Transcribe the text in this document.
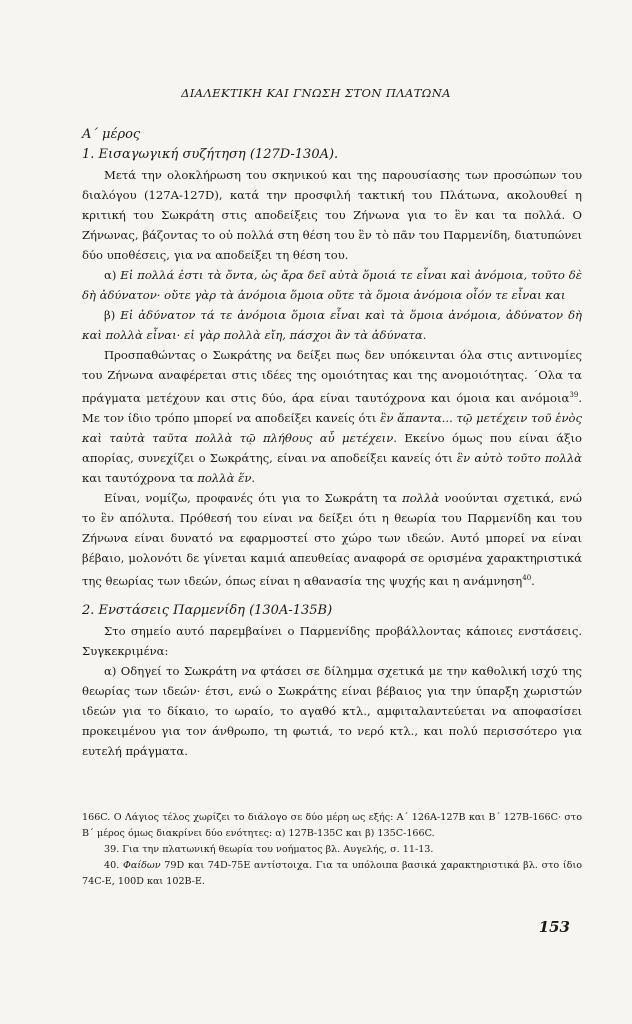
ΔΙΑΛΕΚΤΙΚΗ ΚΑΙ ΓΝΩΣΗ ΣΤΟΝ ΠΛΑΤΩΝΑ

Α΄ μέρος

1. Εισαγωγική συζήτηση (127D-130A).

Μετά την ολοκλήρωση του σκηνικού και της παρουσίασης των προσώπων του διαλόγου (127Α-127D), κατά την προσφιλή τακτική του Πλάτωνα, ακολουθεί η κριτική του Σωκράτη στις αποδείξεις του Ζήνωνα για το ἓν και τα πολλά. Ο Ζήνωνας, βάζοντας το οὐ πολλά στη θέση του ἓν τὸ πᾶν του Παρμενίδη, διατυπώνει δύο υποθέσεις, για να αποδείξει τη θέση του.

α) Εἰ πολλά ἐστι τὰ ὄντα, ὡς ἄρα δεῖ αὐτὰ ὅμοιά τε εἶναι καὶ ἀνόμοια, τοῦτο δὲ δὴ ἀδύνατον· οὔτε γὰρ τὰ ἀνόμοια ὅμοια οὔτε τὰ ὅμοια ἀνόμοια οἷόν τε εἶναι και

β) Εἰ ἀδύνατον τά τε ἀνόμοια ὅμοια εἶναι καὶ τὰ ὅμοια ἀνόμοια, ἀδύνατον δὴ καὶ πολλὰ εἶναι· εἰ γὰρ πολλὰ εἴη, πάσχοι ἂν τὰ ἀδύνατα.

Προσπαθώντας ο Σωκράτης να δείξει πως δεν υπόκεινται όλα στις αντινομίες του Ζήνωνα αναφέρεται στις ιδέες της ομοιότητας και της ανομοιότητας. ΄Ολα τα πράγματα μετέχουν και στις δύο, άρα είναι ταυτόχρονα και όμοια και ανόμοια$^{39}$. Με τον ίδιο τρόπο μπορεί να αποδείξει κανείς ότι ἓν ἅπαντα... τῷ μετέχειν τοῦ ἑνὸς καὶ ταὐτὰ ταῦτα πολλὰ τῷ πλήθους αὖ μετέχειν. Εκείνο όμως που είναι άξιο απορίας, συνεχίζει ο Σωκράτης, είναι να αποδείξει κανείς ότι ἓν αὐτὸ τοῦτο πολλὰ και ταυτόχρονα τα πολλὰ ἕν.

Είναι, νομίζω, προφανές ότι για το Σωκράτη τα πολλὰ νοούνται σχετικά, ενώ το ἓν απόλυτα. Πρόθεσή του είναι να δείξει ότι η θεωρία του Παρμενίδη και του Ζήνωνα είναι δυνατό να εφαρμοστεί στο χώρο των ιδεών. Αυτό μπορεί να είναι βέβαιο, μολονότι δε γίνεται καμιά απευθείας αναφορά σε ορισμένα χαρακτηριστικά της θεωρίας των ιδεών, όπως είναι η αθανασία της ψυχής και η ανάμνηση$^{40}$.

2. Ενστάσεις Παρμενίδη (130Α-135Β)

Στο σημείο αυτό παρεμβαίνει ο Παρμενίδης προβάλλοντας κάποιες ενστάσεις. Συγκεκριμένα:

α) Οδηγεί το Σωκράτη να φτάσει σε δίλημμα σχετικά με την καθολική ισχύ της θεωρίας των ιδεών· έτσι, ενώ ο Σωκράτης είναι βέβαιος για την ύπαρξη χωριστών ιδεών για το δίκαιο, το ωραίο, το αγαθό κτλ., αμφιταλαντεύεται να αποφασίσει προκειμένου για τον άνθρωπο, τη φωτιά, το νερό κτλ., και πολύ περισσότερο για ευτελή πράγματα.

166C. Ο Λάγιος τέλος χωρίζει το διάλογο σε δύο μέρη ως εξής: Α΄ 126Α-127Β και Β΄ 127Β-166C· στο Β΄ μέρος όμως διακρίνει δύο ενότητες: α) 127Β-135C και β) 135C-166C.

39. Για την πλατωνική θεωρία του νοήματος βλ. Αυγελής, σ. 11-13.

40. Φαίδων 79D και 74D-75Ε αντίστοιχα. Για τα υπόλοιπα βασικά χαρακτηριστικά βλ. στο ίδιο 74C-E, 100D και 102Β-Ε.

153
